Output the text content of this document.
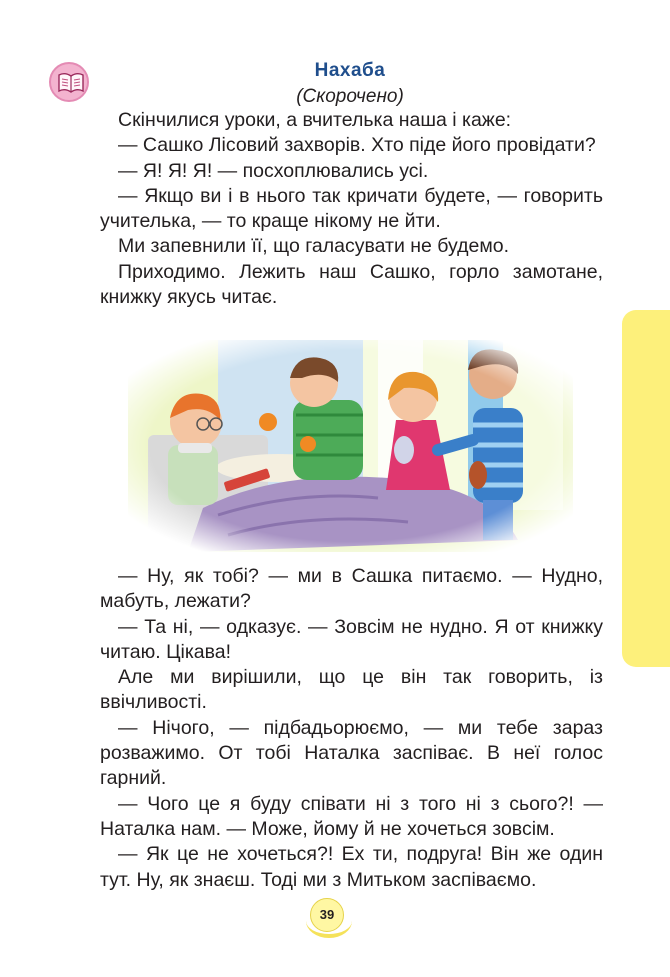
Нахаба
(Скорочено)

Скінчилися уроки, а вчителька наша і каже:

— Сашко Лісовий захворів. Хто піде його провідати?

— Я! Я! Я! — посхоплювались усі.

— Якщо ви і в нього так кричати будете, — говорить учителька, — то краще нікому не йти.

Ми запевнили її, що галасувати не будемо.

Приходимо. Лежить наш Сашко, горло замотане, книжку якусь читає.

— Ну, як тобі? — ми в Сашка питаємо. — Нудно, мабуть, лежати?

— Та ні, — одказує. — Зовсім не нудно. Я от книжку читаю. Цікава!

Але ми вирішили, що це він так говорить, із ввічливості.

— Нічого, — підбадьорюємо, — ми тебе зараз розважимо. От тобі Наталка заспіває. В неї голос гарний.

— Чого це я буду співати ні з того ні з сього?! — Наталка нам. — Може, йому й не хочеться зовсім.

— Як це не хочеться?! Ех ти, подруга! Він же один тут. Ну, як знаєш. Тоді ми з Митьком заспіваємо.

39
